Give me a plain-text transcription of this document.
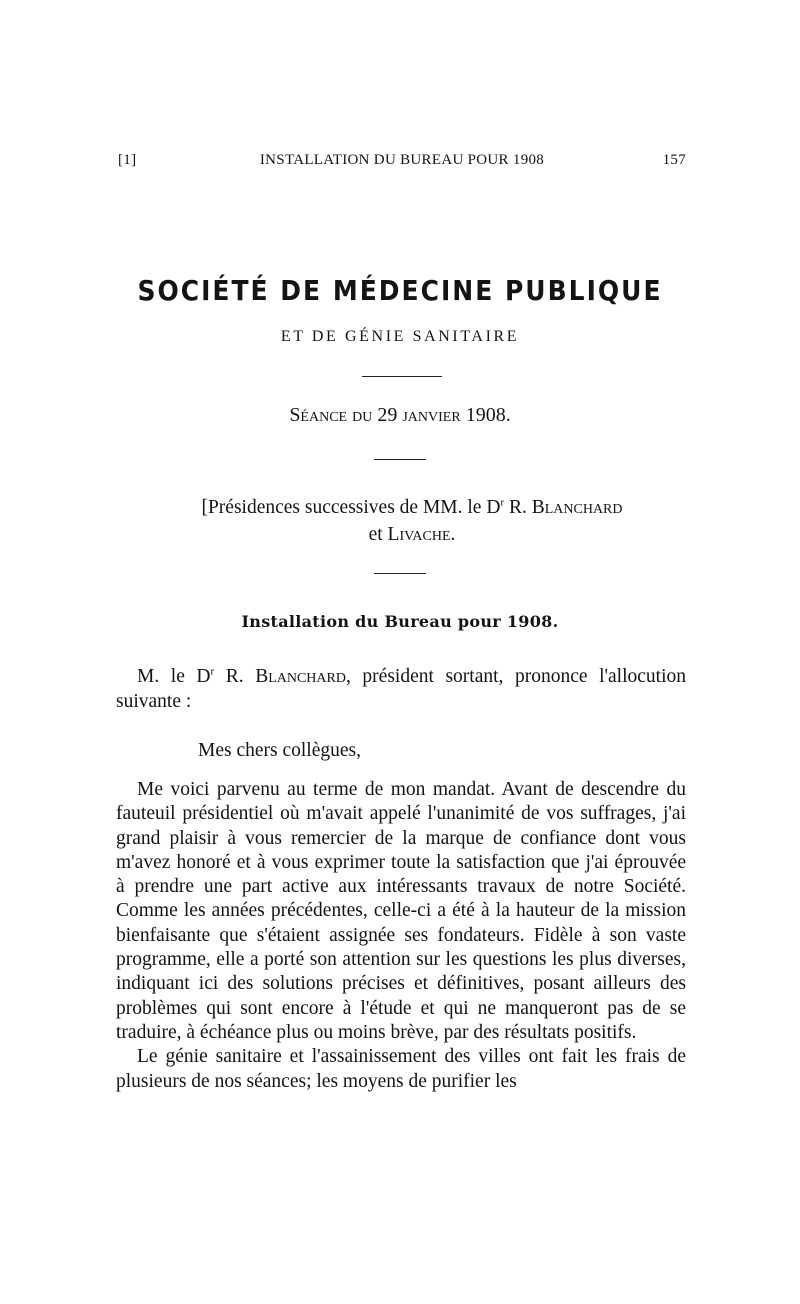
[1]	INSTALLATION DU BUREAU POUR 1908	157
SOCIÉTÉ DE MÉDECINE PUBLIQUE
ET DE GÉNIE SANITAIRE
Séance du 29 janvier 1908.
[Présidences successives de MM. le $D^r$ R. Blanchard
et Livache.
Installation du Bureau pour 1908.

M. le $D^r$ R. Blanchard, président sortant, prononce l'allocution suivante :

Mes chers collègues,

Me voici parvenu au terme de mon mandat. Avant de descendre du fauteuil présidentiel où m'avait appelé l'unanimité de vos suffrages, j'ai grand plaisir à vous remercier de la marque de confiance dont vous m'avez honoré et à vous exprimer toute la satisfaction que j'ai éprouvée à prendre une part active aux intéressants travaux de notre Société. Comme les années précédentes, celle-ci a été à la hauteur de la mission bienfaisante que s'étaient assignée ses fondateurs. Fidèle à son vaste programme, elle a porté son attention sur les questions les plus diverses, indiquant ici des solutions précises et définitives, posant ailleurs des problèmes qui sont encore à l'étude et qui ne manqueront pas de se traduire, à échéance plus ou moins brève, par des résultats positifs.

Le génie sanitaire et l'assainissement des villes ont fait les frais de plusieurs de nos séances; les moyens de purifier les
